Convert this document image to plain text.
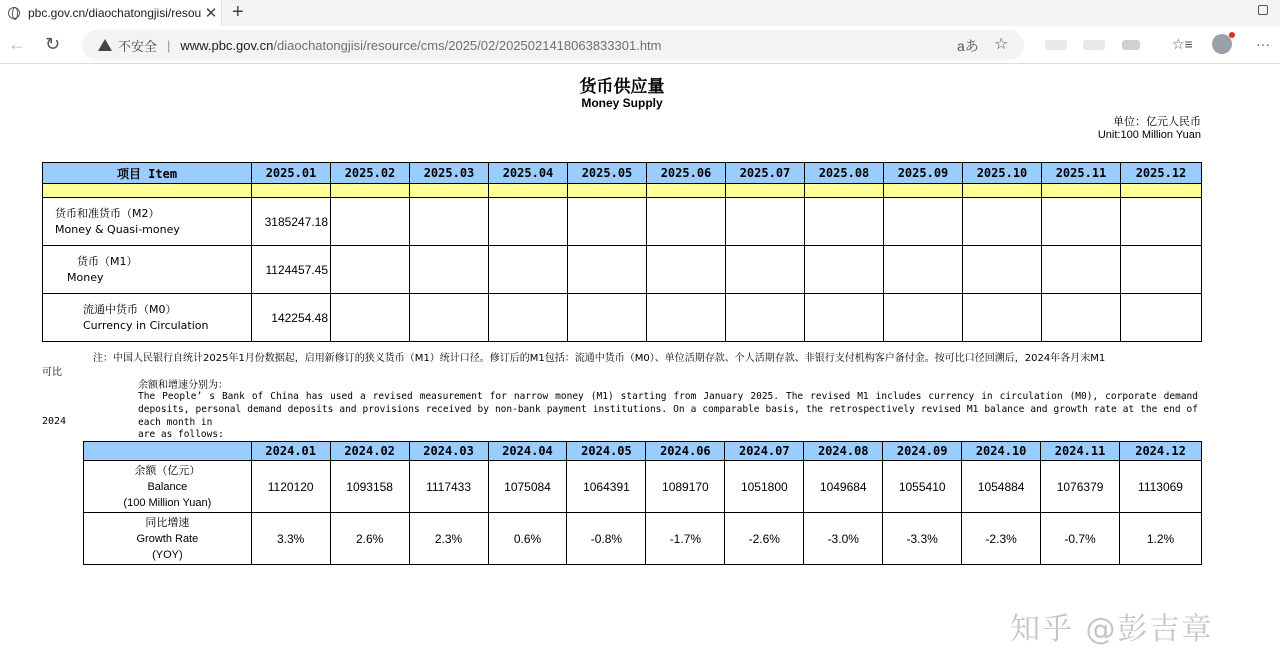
pbc.gov.cn/diaochatongjisi/resou ✕ +
← ↻	不安全 | www.pbc.gov.cn /diaochatongjisi/resource/cms/2025/02/2025021418063833301.htm	aあ ☆	☆≡	···
货币供应量
Money Supply
单位：亿元人民币
Unit:100 Million Yuan
项目 Item	2025.01	2025.02	2025.03	2025.04	2025.05	2025.06	2025.07	2025.08	2025.09	2025.10	2025.11	2025.12

货币和准货币（M2）
Money & Quasi-money	3185247.18											
货币（M1）
Money	1124457.45											
流通中货币（M0）
Currency in Circulation	142254.48											
注：中国人民银行自统计2025年1月份数据起，启用新修订的狭义货币（M1）统计口径。修订后的M1包括：流通中货币（M0）、单位活期存款、个人活期存款、非银行支付机构客户备付金。按可比口径回溯后，2024年各月末M1
可比
余额和增速分别为：
The People’ s Bank of China has used a revised measurement for narrow money (M1) starting from January 2025. The revised M1 includes currency in circulation (M0), corporate demand deposits, personal demand deposits and provisions received by non-bank payment institutions. On a comparable basis, the retrospectively revised M1 balance and growth rate at the end of each month in
2024
are as follows:
	2024.01	2024.02	2024.03	2024.04	2024.05	2024.06	2024.07	2024.08	2024.09	2024.10	2024.11	2024.12
余额（亿元）
Balance
(100 Million Yuan)	1120120	1093158	1117433	1075084	1064391	1089170	1051800	1049684	1055410	1054884	1076379	1113069
同比增速
Growth Rate
(YOY)	3.3%	2.6%	2.3%	0.6%	-0.8%	-1.7%	-2.6%	-3.0%	-3.3%	-2.3%	-0.7%	1.2%
知乎 @彭吉章
